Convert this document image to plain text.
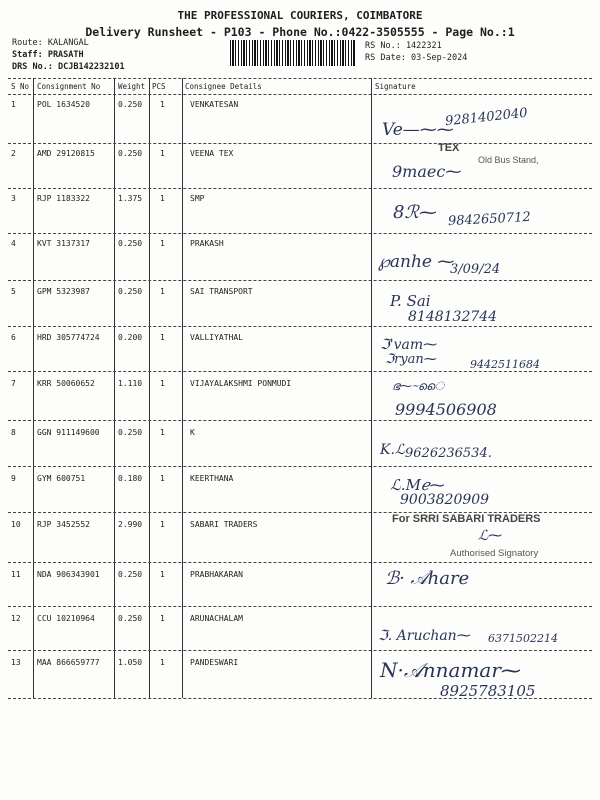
THE PROFESSIONAL COURIERS, COIMBATORE
Delivery Runsheet - P103 - Phone No.:0422-3505555 - Page No.:1
Route: KALANGAL
Staff: PRASATH
DRS No.: DCJB142232101
RS No.: 1422321
RS Date: 03-Sep-2024
S No Consignment No Weight PCS	Consignee Details	Signature
1	POL 1634520	0.250 1	VENKATESAN
9281402040
Ve—⁓⁓
2	AMD 29120815	0.250 1	VEENA TEX	TEX
Old Bus Stand,
9maec⁓
3	RJP 1183322	1.375 1	SMP
8ℛ⁓ 9842650712
4	KVT 3137317	0.250 1	PRAKASH
℘anhe ⁓
3/09/24
5	GPM 5323987	0.250 1	SAI TRANSPORT
P. Sai
8148132744
6	HRD 305774724 0.200 1	VALLIYATHAL	ℑ'vam⁓
ℑryan⁓	9442511684
7	KRR 50060652	1.110 1	VIJAYALAKSHMI PONMUDI	ഭ⁓⁓ൈ
9994506908
8	GGN 911149600 0.250 1	K
K.ℒ 9626236534.
9	GYM 600751	0.180 1	KEERTHANA	ℒ.Mℯ⁓
9003820909
10 RJP 3452552	2.990 1	SABARI TRADERS	For SRRI SABARI TRADERS
ℒ⁓
Authorised Signatory
11 NDA 906343901 0.250 1	PRABHAKARAN	ℬ· 𝒜hare
12 CCU 10210964	0.250 1	ARUNACHALAM
ℑ. Aruchan⁓ 6371502214
13 MAA 866659777 1.050 1	PANDESWARI	N·𝒜nnamar⁓
8925783105
